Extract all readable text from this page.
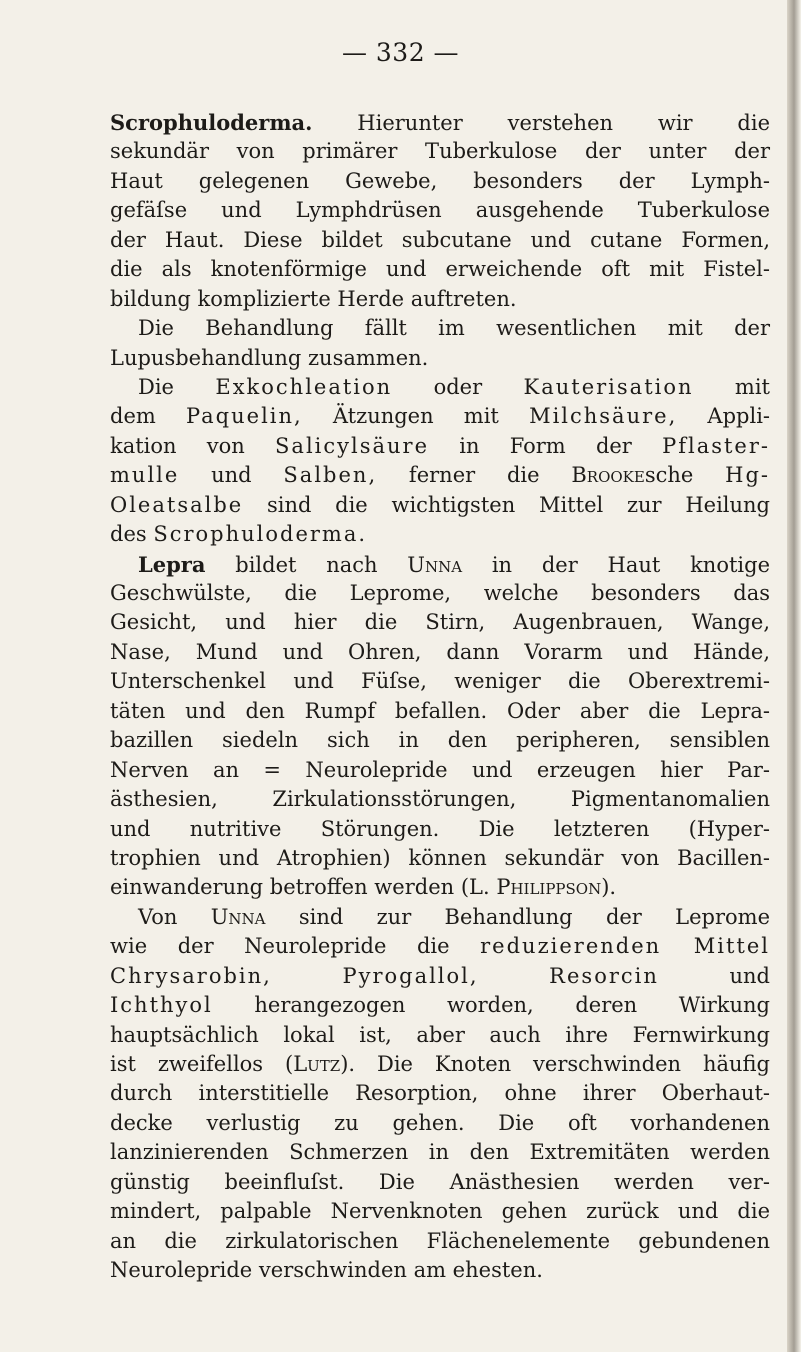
— 332 —
Scrophuloderma. Hierunter verstehen wir die
sekundär von primärer Tuberkulose der unter der
Haut gelegenen Gewebe, besonders der Lymph-
gefäſse und Lymphdrüsen ausgehende Tuberkulose
der Haut. Diese bildet subcutane und cutane Formen,
die als knotenförmige und erweichende oft mit Fistel-
bildung komplizierte Herde auftreten.
Die Behandlung fällt im wesentlichen mit der
Lupusbehandlung zusammen.
Die Exkochleation oder Kauterisation mit
dem Paquelin, Ätzungen mit Milchsäure, Appli-
kation von Salicylsäure in Form der Pflaster-
mulle und Salben, ferner die Brookesche Hg-
Oleatsalbe sind die wichtigsten Mittel zur Heilung
des Scrophuloderma.
Lepra bildet nach Unna in der Haut knotige
Geschwülste, die Leprome, welche besonders das
Gesicht, und hier die Stirn, Augenbrauen, Wange,
Nase, Mund und Ohren, dann Vorarm und Hände,
Unterschenkel und Füſse, weniger die Oberextremi-
täten und den Rumpf befallen. Oder aber die Lepra-
bazillen siedeln sich in den peripheren, sensiblen
Nerven an = Neurolepride und erzeugen hier Par-
ästhesien, Zirkulationsstörungen, Pigmentanomalien
und nutritive Störungen. Die letzteren (Hyper-
trophien und Atrophien) können sekundär von Bacillen-
einwanderung betroffen werden (L. Philippson).
Von Unna sind zur Behandlung der Leprome
wie der Neurolepride die reduzierenden Mittel
Chrysarobin,	Pyrogallol,	Resorcin und
Ichthyol herangezogen worden, deren Wirkung
hauptsächlich lokal ist, aber auch ihre Fernwirkung
ist zweifellos (Lutz). Die Knoten verschwinden häufig
durch interstitielle Resorption, ohne ihrer Oberhaut-
decke verlustig zu gehen. Die oft vorhandenen
lanzinierenden Schmerzen in den Extremitäten werden
günstig beeinfluſst. Die Anästhesien werden ver-
mindert, palpable Nervenknoten gehen zurück und die
an die zirkulatorischen Flächenelemente gebundenen
Neurolepride verschwinden am ehesten.
